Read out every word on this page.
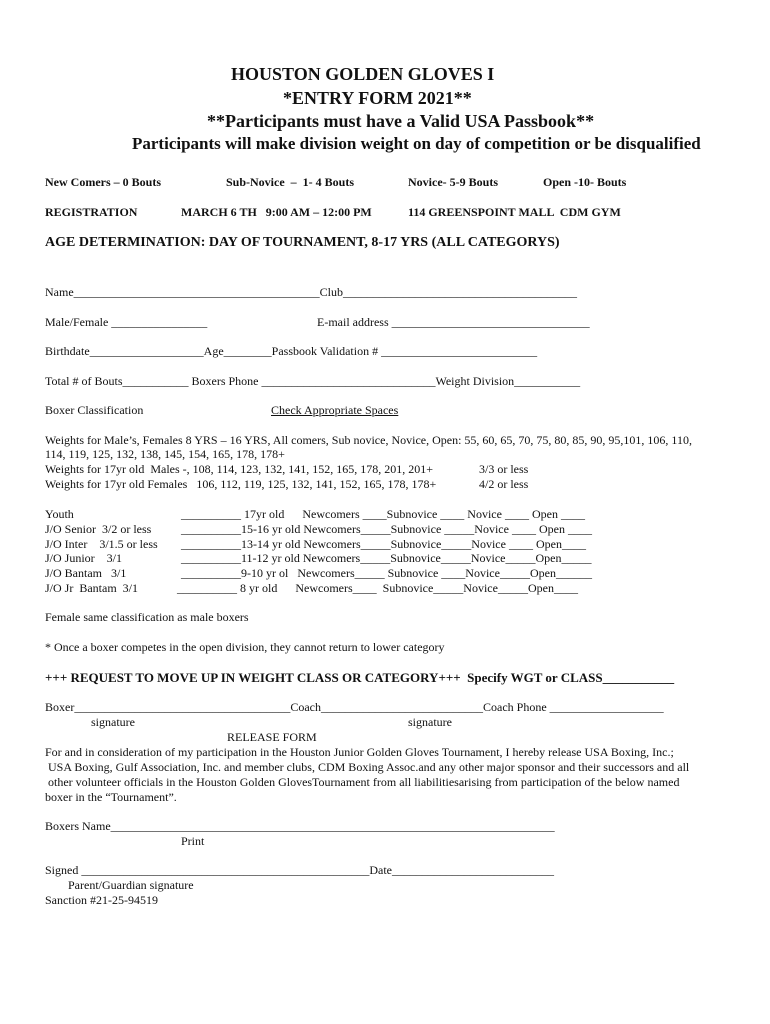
HOUSTON GOLDEN GLOVES I
*ENTRY FORM 2021**
**Participants must have a Valid USA Passbook**
Participants will make division weight on day of competition or be disqualified
New Comers – 0 Bouts	Sub-Novice  –  1- 4 Bouts	Novice- 5-9 Bouts	Open -10- Bouts
REGISTRATION	MARCH 6 TH   9:00 AM – 12:00 PM	114 GREENSPOINT MALL  CDM GYM
AGE DETERMINATION: DAY OF TOURNAMENT, 8-17 YRS (ALL CATEGORYS)
Name_________________________________________Club_______________________________________
Male/Female ________________	E-mail address _________________________________
Birthdate___________________Age________Passbook Validation # __________________________
Total # of Bouts___________ Boxers Phone _____________________________Weight Division___________
Boxer Classification	Check Appropriate Spaces
Weights for Male’s, Females 8 YRS – 16 YRS, All comers, Sub novice, Novice, Open: 55, 60, 65, 70, 75, 80, 85, 90, 95,101, 106, 110,
114, 119, 125, 132, 138, 145, 154, 165, 178, 178+
Weights for 17yr old  Males -, 108, 114, 123, 132, 141, 152, 165, 178, 201, 201+	3/3 or less
Weights for 17yr old Females   106, 112, 119, 125, 132, 141, 152, 165, 178, 178+	4/2 or less
Youth	__________ 17yr old      Newcomers ____Subnovice ____ Novice ____ Open ____
J/O Senior  3/2 or less __________15-16 yr old Newcomers_____Subnovice _____Novice ____ Open ____
J/O Inter    3/1.5 or less __________13-14 yr old Newcomers_____Subnovice_____Novice ____ Open____
J/O Junior    3/1	__________11-12 yr old Newcomers_____Subnovice_____Novice_____Open_____
J/O Bantam   3/1	__________9-10 yr ol   Newcomers_____ Subnovice ____Novice_____Open______
J/O Jr  Bantam  3/1	__________ 8 yr old      Newcomers____  Subnovice_____Novice_____Open____
Female same classification as male boxers
* Once a boxer competes in the open division, they cannot return to lower category
+++ REQUEST TO MOVE UP IN WEIGHT CLASS OR CATEGORY+++  Specify WGT or CLASS___________
Boxer____________________________________Coach___________________________Coach Phone ___________________
signature	signature
RELEASE FORM
For and in consideration of my participation in the Houston Junior Golden Gloves Tournament, I hereby release USA Boxing, Inc.;
USA Boxing, Gulf Association, Inc. and member clubs, CDM Boxing Assoc.and any other major sponsor and their successors and all
other volunteer officials in the Houston Golden GlovesTournament from all liabilitiesarising from participation of the below named
boxer in the “Tournament”.
Boxers Name__________________________________________________________________________
Print
Signed ________________________________________________Date___________________________
Parent/Guardian signature
Sanction #21-25-94519
